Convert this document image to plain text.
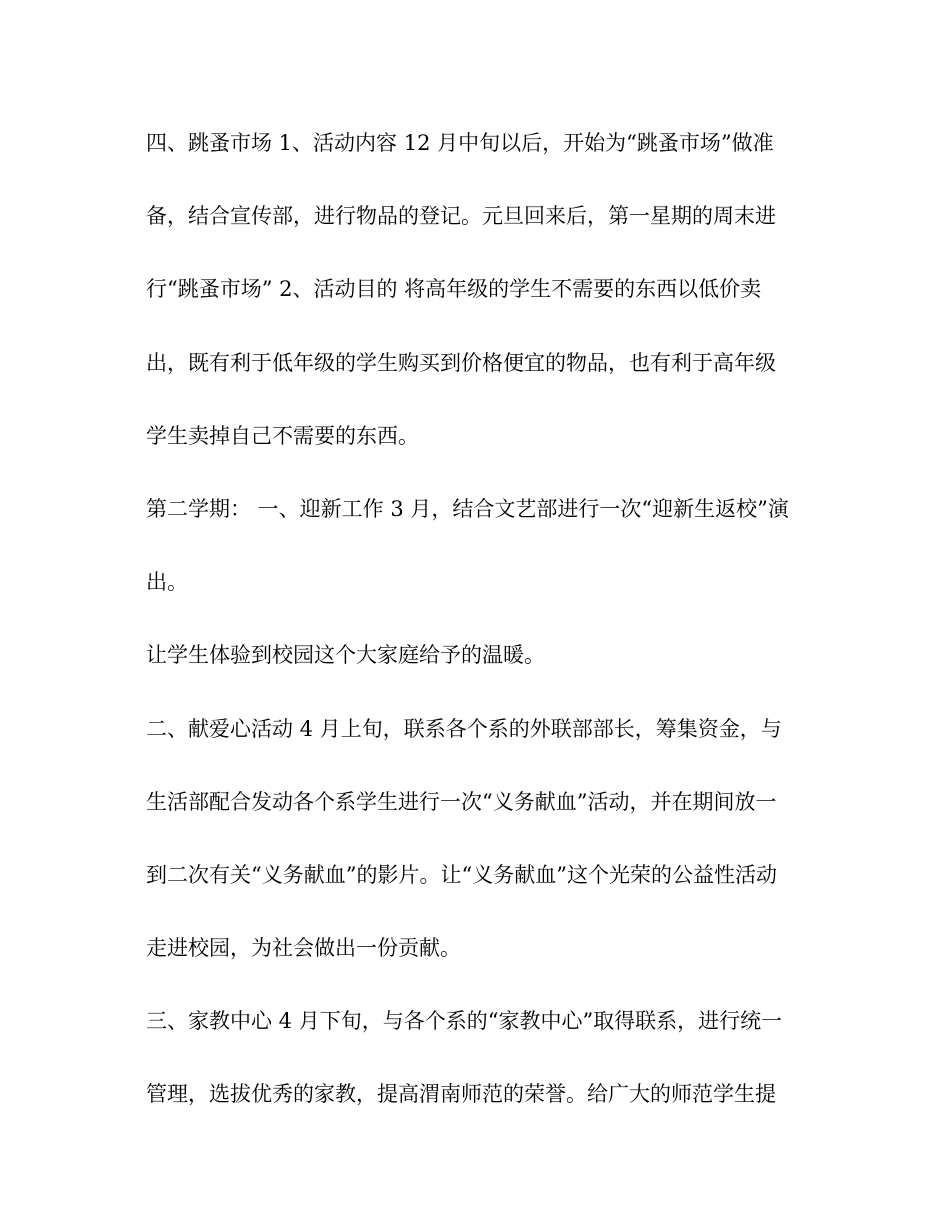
四、跳蚤市场 1、活动内容 12 月中旬以后，开始为“跳蚤市场”做准
备，结合宣传部，进行物品的登记。元旦回来后，第一星期的周末进
行“跳蚤市场” 2、活动目的 将高年级的学生不需要的东西以低价卖
出，既有利于低年级的学生购买到价格便宜的物品，也有利于高年级
学生卖掉自己不需要的东西。
第二学期： 一、迎新工作 3 月，结合文艺部进行一次“迎新生返校”演
出。
让学生体验到校园这个大家庭给予的温暖。
二、献爱心活动 4 月上旬，联系各个系的外联部部长，筹集资金，与
生活部配合发动各个系学生进行一次“义务献血”活动，并在期间放一
到二次有关“义务献血”的影片。让“义务献血”这个光荣的公益性活动
走进校园，为社会做出一份贡献。
三、家教中心 4 月下旬，与各个系的“家教中心”取得联系，进行统一
管理，选拔优秀的家教，提高渭南师范的荣誉。给广大的师范学生提
